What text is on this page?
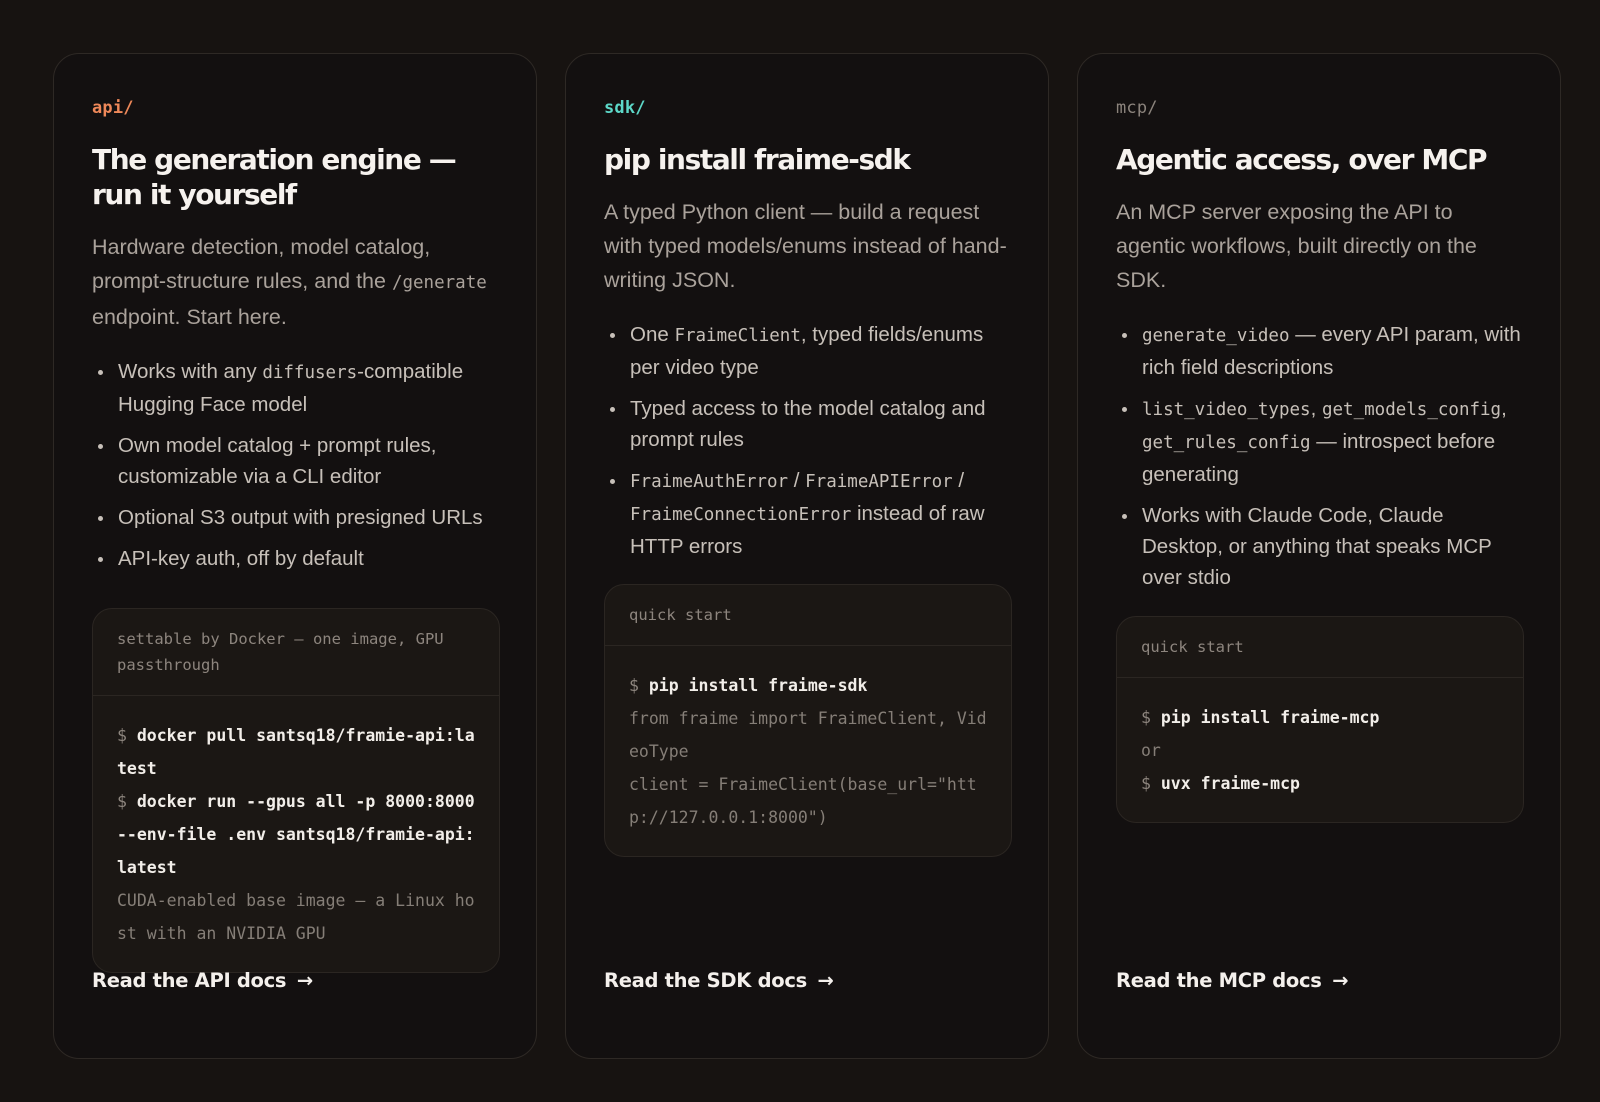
api/
The generation engine — run it yourself

Hardware detection, model catalog, prompt-structure rules, and the /generate endpoint. Start here.

Works with any diffusers-compatible Hugging Face model
Own model catalog + prompt rules, customizable via a CLI editor
Optional S3 output with presigned URLs
API-key auth, off by default
settable by Docker — one image, GPU passthrough
$ docker pull santsq18/framie-api:latest
$ docker run --gpus all -p 8000:8000 --env-file .env santsq18/framie-api:latest
CUDA-enabled base image — a Linux host with an NVIDIA GPU
Read the API docs →
sdk/
pip install fraime-sdk

A typed Python client — build a request with typed models/enums instead of hand-writing JSON.

One FraimeClient, typed fields/enums per video type
Typed access to the model catalog and prompt rules
FraimeAuthError / FraimeAPIError / FraimeConnectionError instead of raw HTTP errors
quick start
$ pip install fraime-sdk
from fraime import FraimeClient, VideoType
client = FraimeClient(base_url="http://127.0.0.1:8000")
Read the SDK docs →
mcp/
Agentic access, over MCP

An MCP server exposing the API to agentic workflows, built directly on the SDK.

generate_video — every API param, with rich field descriptions
list_video_types, get_models_config, get_rules_config — introspect before generating
Works with Claude Code, Claude Desktop, or anything that speaks MCP over stdio
quick start
$ pip install fraime-mcp
or
$ uvx fraime-mcp
Read the MCP docs →
